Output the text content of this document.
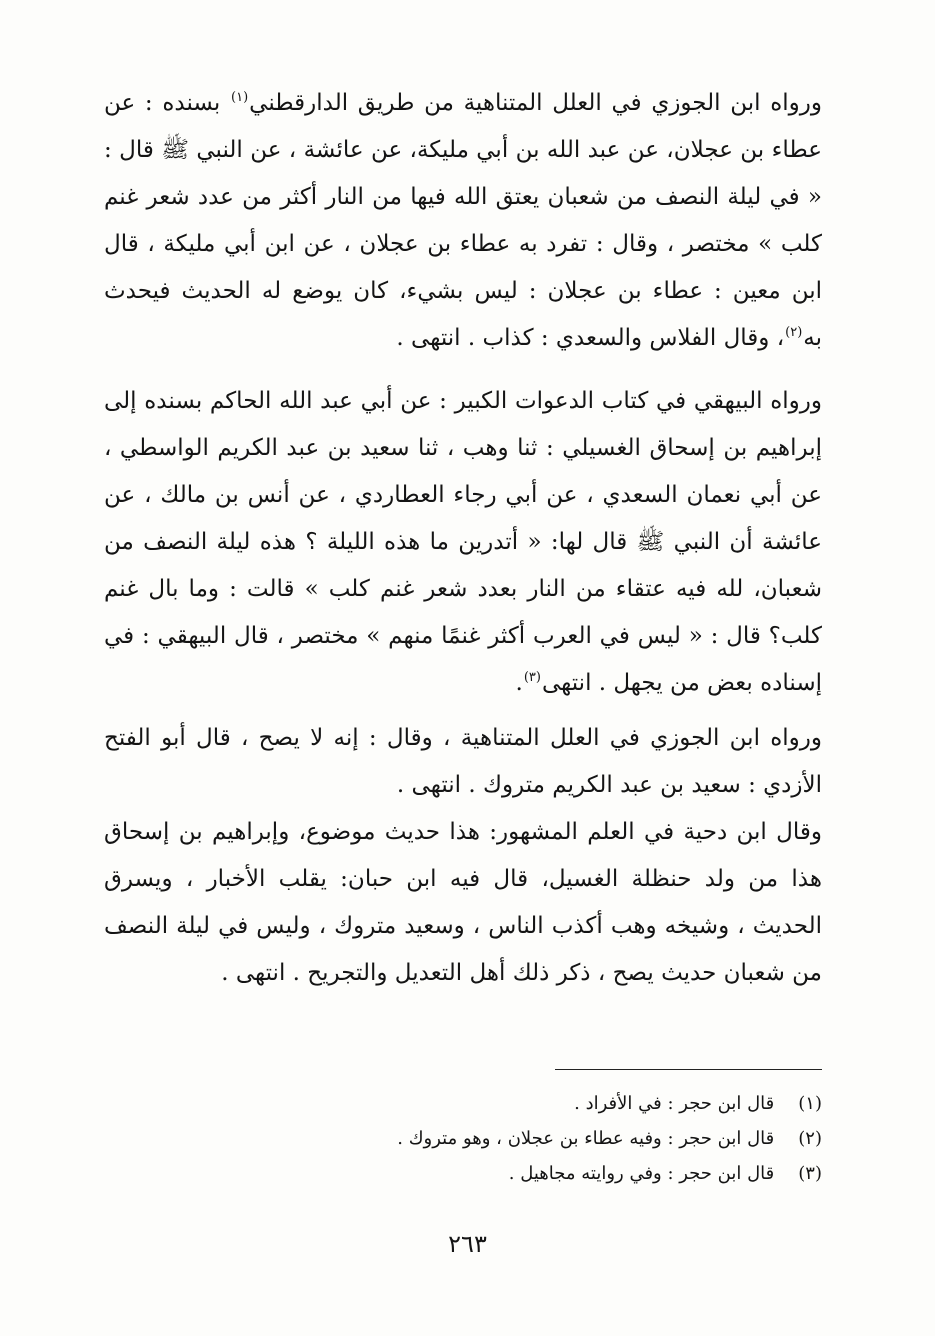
ورواه ابن الجوزي في العلل المتناهية من طريق الدارقطني$^{(١)}$ بسنده : عن عطاء بن عجلان، عن عبد الله بن أبي مليكة، عن عائشة ، عن النبي ﷺ قال : « في ليلة النصف من شعبان يعتق الله فيها من النار أكثر من عدد شعر غنم كلب » مختصر ، وقال : تفرد به عطاء بن عجلان ، عن ابن أبي مليكة ، قال ابن معين : عطاء بن عجلان : ليس بشيء، كان يوضع له الحديث فيحدث به$^{(٢)}$، وقال الفلاس والسعدي : كذاب . انتهى .

ورواه البيهقي في كتاب الدعوات الكبير : عن أبي عبد الله الحاكم بسنده إلى إبراهيم بن إسحاق الغسيلي : ثنا وهب ، ثنا سعيد بن عبد الكريم الواسطي ، عن أبي نعمان السعدي ، عن أبي رجاء العطاردي ، عن أنس بن مالك ، عن عائشة أن النبي ﷺ قال لها: « أتدرين ما هذه الليلة ؟ هذه ليلة النصف من شعبان، لله فيه عتقاء من النار بعدد شعر غنم كلب » قالت : وما بال غنم كلب؟ قال : « ليس في العرب أكثر غنمًا منهم » مختصر ، قال البيهقي : في إسناده بعض من يجهل . انتهى$^{(٣)}$.

ورواه ابن الجوزي في العلل المتناهية ، وقال : إنه لا يصح ، قال أبو الفتح الأزدي : سعيد بن عبد الكريم متروك . انتهى .

وقال ابن دحية في العلم المشهور: هذا حديث موضوع، وإبراهيم بن إسحاق هذا من ولد حنظلة الغسيل، قال فيه ابن حبان: يقلب الأخبار ، ويسرق الحديث ، وشيخه وهب أكذب الناس ، وسعيد متروك ، وليس في ليلة النصف من شعبان حديث يصح ، ذكر ذلك أهل التعديل والتجريح . انتهى .

(١) قال ابن حجر : في الأفراد .

(٢) قال ابن حجر : وفيه عطاء بن عجلان ، وهو متروك .

(٣) قال ابن حجر : وفي روايته مجاهيل .

٢٦٣
